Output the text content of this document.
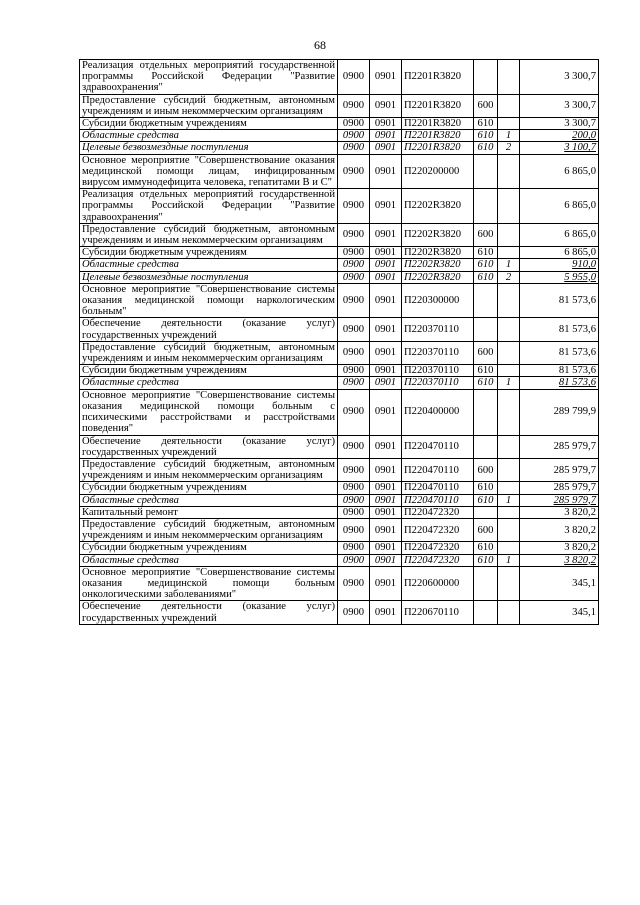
68
Реализация отдельных мероприятий государственной программы Российской Федерации "Развитие здравоохранения"	0900	0901	П2201R3820			3 300,7
Предоставление субсидий бюджетным, автономным учреждениям и иным некоммерческим организациям	0900	0901	П2201R3820	600		3 300,7
Субсидии бюджетным учреждениям	0900	0901	П2201R3820	610		3 300,7
Областные средства	0900	0901	П2201R3820	610	1	200,0
Целевые безвозмездные поступления	0900	0901	П2201R3820	610	2	3 100,7
Основное мероприятие "Совершенствование оказания медицинской помощи лицам, инфицированным вирусом иммунодефицита человека, гепатитами В и С"	0900	0901	П220200000			6 865,0
Реализация отдельных мероприятий государственной программы Российской Федерации "Развитие здравоохранения"	0900	0901	П2202R3820			6 865,0
Предоставление субсидий бюджетным, автономным учреждениям и иным некоммерческим организациям	0900	0901	П2202R3820	600		6 865,0
Субсидии бюджетным учреждениям	0900	0901	П2202R3820	610		6 865,0
Областные средства	0900	0901	П2202R3820	610	1	910,0
Целевые безвозмездные поступления	0900	0901	П2202R3820	610	2	5 955,0
Основное мероприятие "Совершенствование системы оказания медицинской помощи наркологическим больным"	0900	0901	П220300000			81 573,6
Обеспечение деятельности (оказание услуг) государственных учреждений	0900	0901	П220370110			81 573,6
Предоставление субсидий бюджетным, автономным учреждениям и иным некоммерческим организациям	0900	0901	П220370110	600		81 573,6
Субсидии бюджетным учреждениям	0900	0901	П220370110	610		81 573,6
Областные средства	0900	0901	П220370110	610	1	81 573,6
Основное мероприятие "Совершенствование системы оказания медицинской помощи больным с психическими расстройствами и расстройствами поведения"	0900	0901	П220400000			289 799,9
Обеспечение деятельности (оказание услуг) государственных учреждений	0900	0901	П220470110			285 979,7
Предоставление субсидий бюджетным, автономным учреждениям и иным некоммерческим организациям	0900	0901	П220470110	600		285 979,7
Субсидии бюджетным учреждениям	0900	0901	П220470110	610		285 979,7
Областные средства	0900	0901	П220470110	610	1	285 979,7
Капитальный ремонт	0900	0901	П220472320			3 820,2
Предоставление субсидий бюджетным, автономным учреждениям и иным некоммерческим организациям	0900	0901	П220472320	600		3 820,2
Субсидии бюджетным учреждениям	0900	0901	П220472320	610		3 820,2
Областные средства	0900	0901	П220472320	610	1	3 820,2
Основное мероприятие "Совершенствование системы оказания медицинской помощи больным онкологическими заболеваниями"	0900	0901	П220600000			345,1
Обеспечение деятельности (оказание услуг) государственных учреждений	0900	0901	П220670110			345,1
